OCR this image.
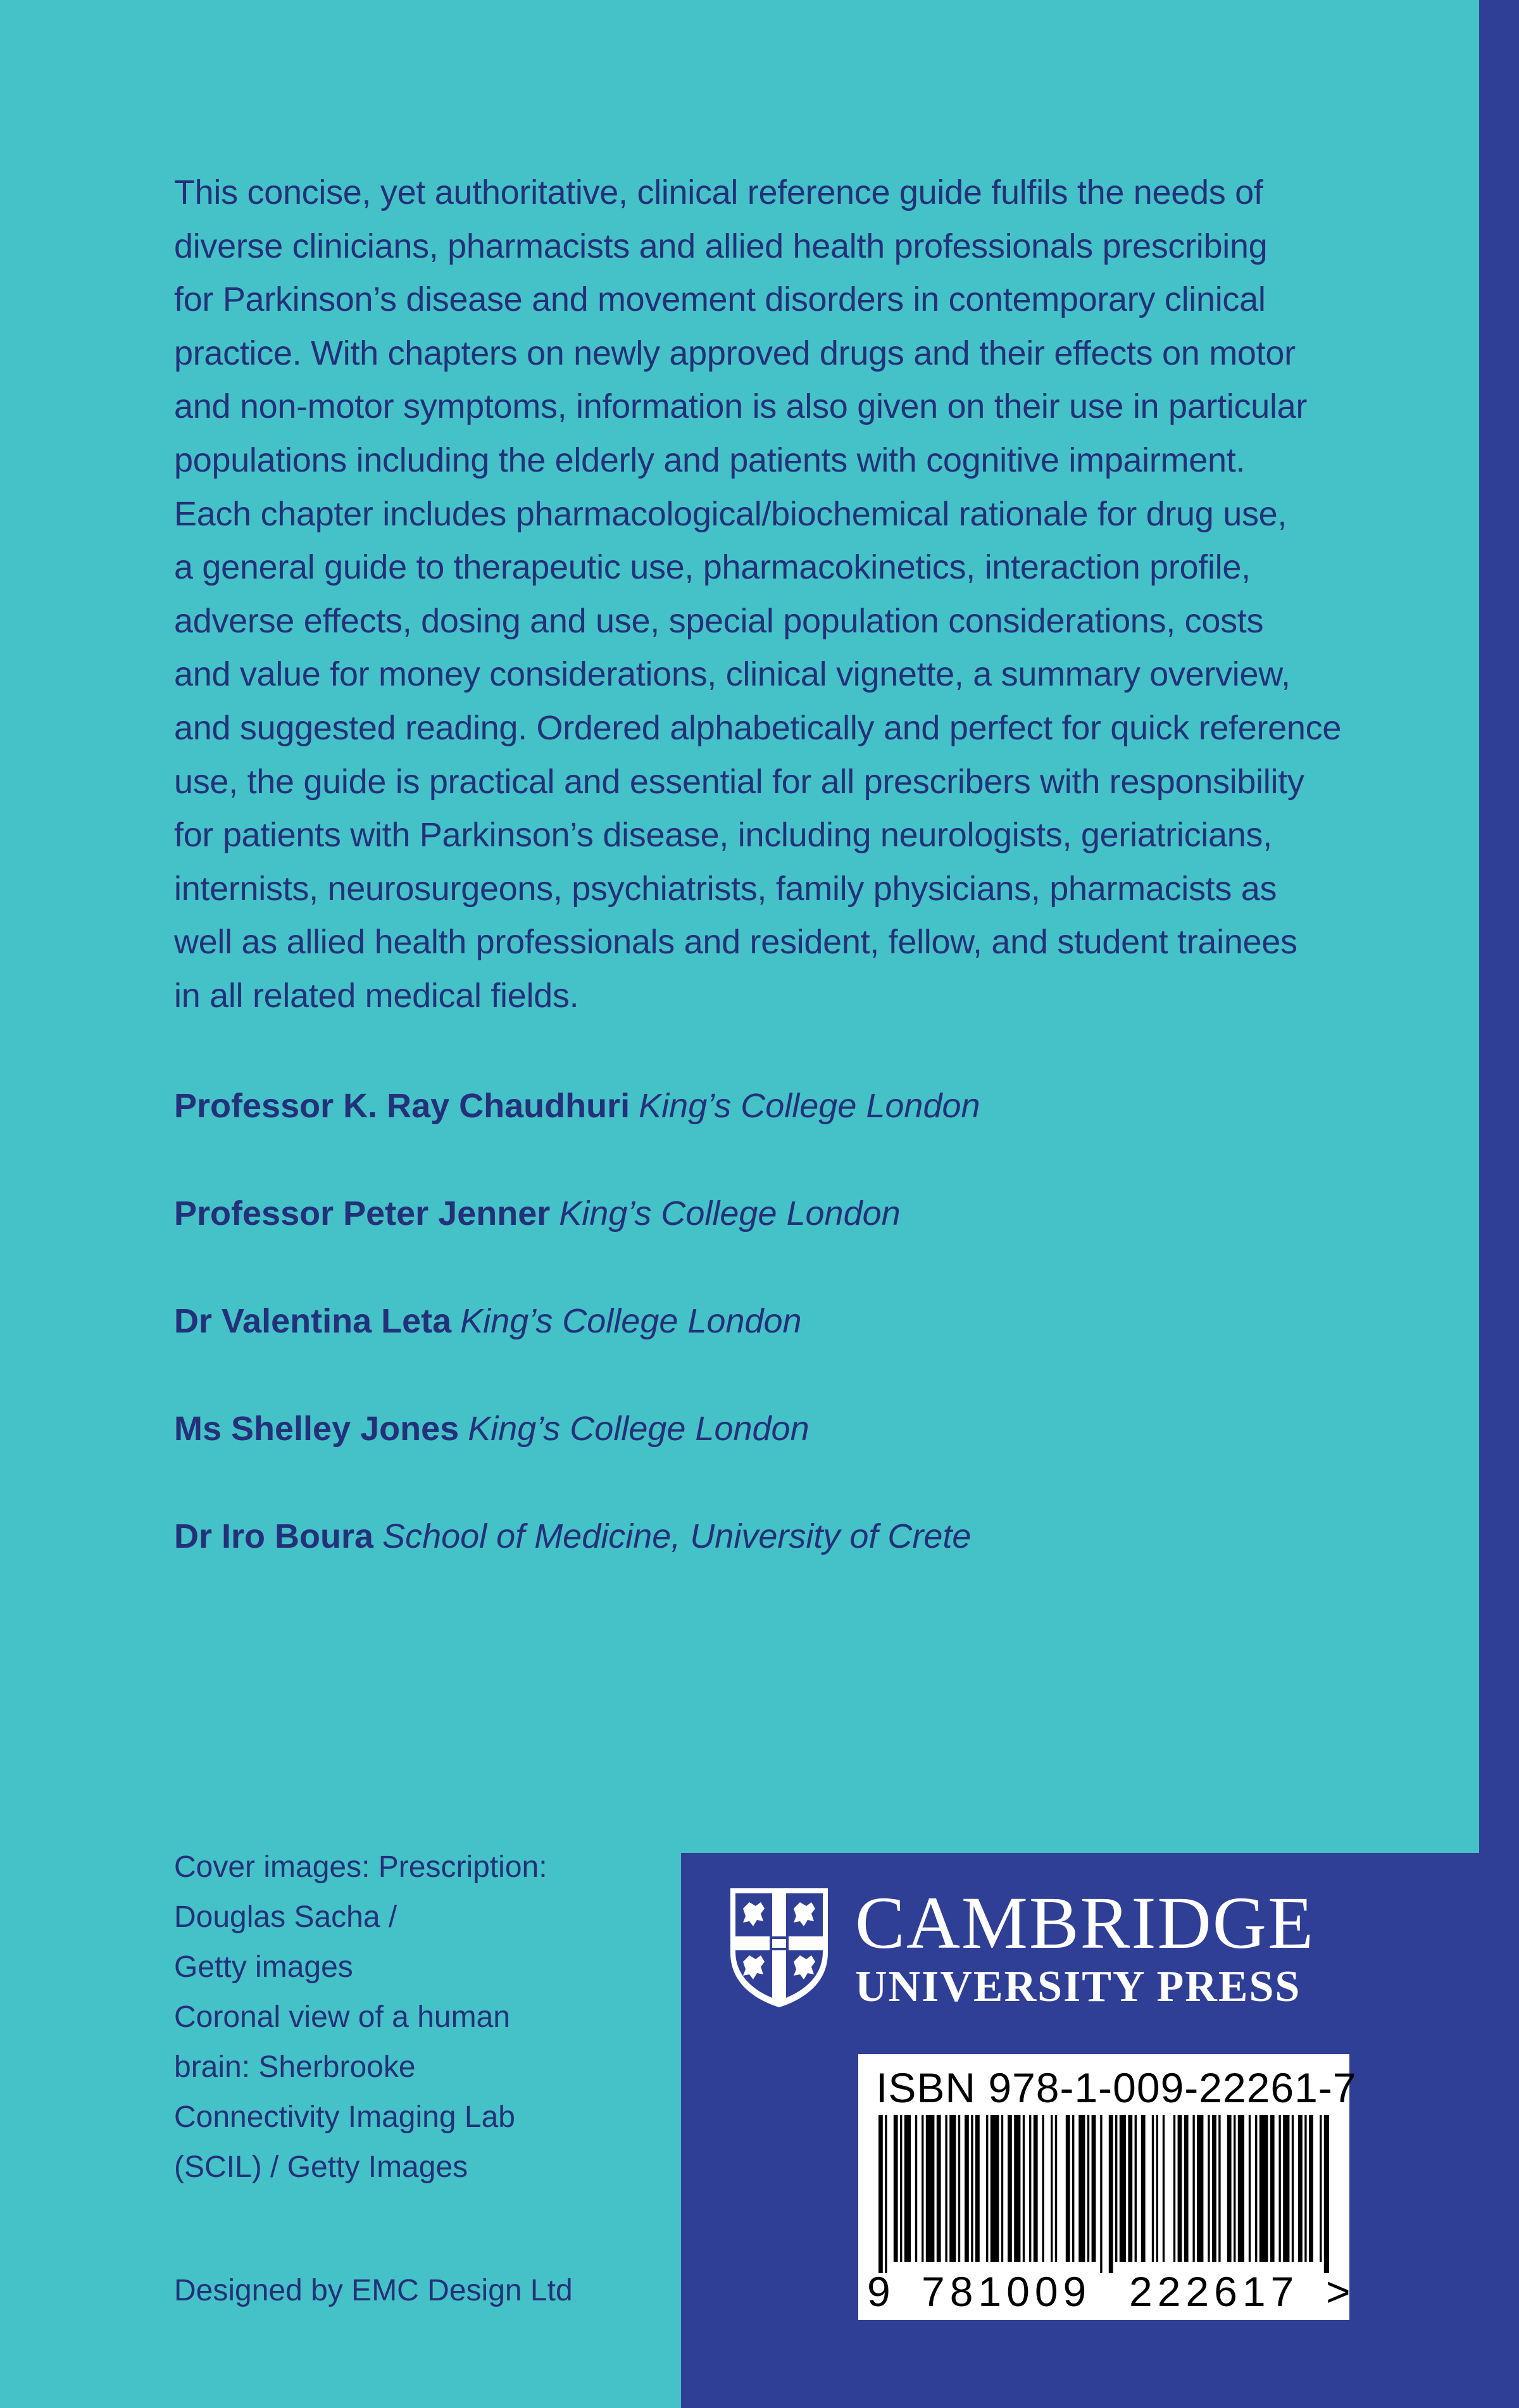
This concise, yet authoritative, clinical reference guide fulfils the needs of
diverse clinicians, pharmacists and allied health professionals prescribing
for Parkinson’s disease and movement disorders in contemporary clinical
practice. With chapters on newly approved drugs and their effects on motor
and non-motor symptoms, information is also given on their use in particular
populations including the elderly and patients with cognitive impairment.
Each chapter includes pharmacological/biochemical rationale for drug use,
a general guide to therapeutic use, pharmacokinetics, interaction profile,
adverse effects, dosing and use, special population considerations, costs
and value for money considerations, clinical vignette, a summary overview,
and suggested reading. Ordered alphabetically and perfect for quick reference
use, the guide is practical and essential for all prescribers with responsibility
for patients with Parkinson’s disease, including neurologists, geriatricians,
internists, neurosurgeons, psychiatrists, family physicians, pharmacists as
well as allied health professionals and resident, fellow, and student trainees
in all related medical fields.
Professor K. Ray Chaudhuri King’s College London
Professor Peter Jenner King’s College London
Dr Valentina Leta King’s College London
Ms Shelley Jones King’s College London
Dr Iro Boura School of Medicine, University of Crete
Cover images: Prescription:
Douglas Sacha /
Getty images
Coronal view of a human
brain: Sherbrooke
Connectivity Imaging Lab
(SCIL) / Getty Images
Designed by EMC Design Ltd
CAMBRIDGE
UNIVERSITY PRESS
ISBN 978-1-009-22261-7
9 781009 222617 >
